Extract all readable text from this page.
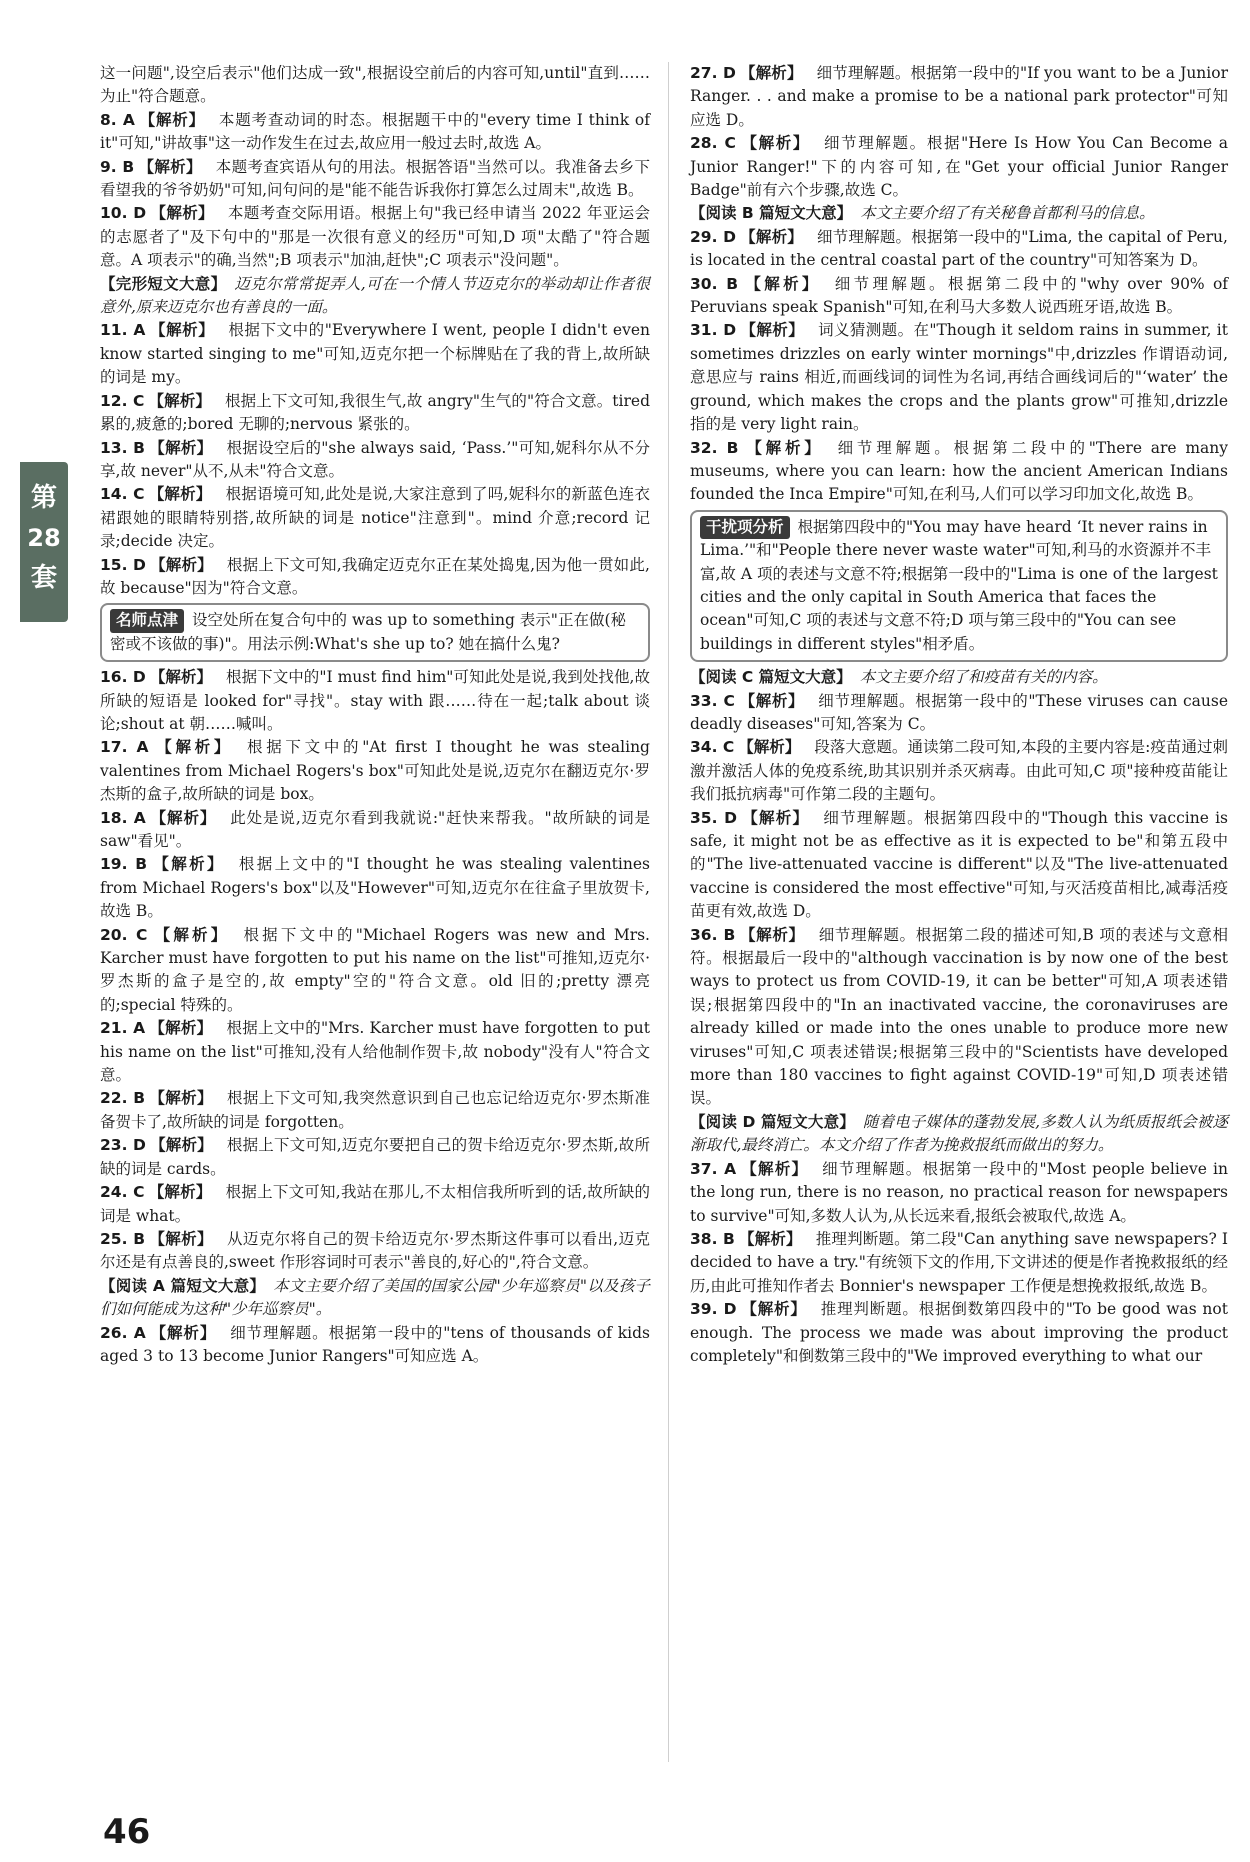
第
28
套

这一问题",设空后表示"他们达成一致",根据设空前后的内容可知,until"直到……为止"符合题意。

8. A 【解析】 本题考查动词的时态。根据题干中的"every time I think of it"可知,"讲故事"这一动作发生在过去,故应用一般过去时,故选 A。

9. B 【解析】 本题考查宾语从句的用法。根据答语"当然可以。我准备去乡下看望我的爷爷奶奶"可知,问句问的是"能不能告诉我你打算怎么过周末",故选 B。

10. D 【解析】 本题考查交际用语。根据上句"我已经申请当 2022 年亚运会的志愿者了"及下句中的"那是一次很有意义的经历"可知,D 项"太酷了"符合题意。A 项表示"的确,当然";B 项表示"加油,赶快";C 项表示"没问题"。

【完形短文大意】 迈克尔常常捉弄人,可在一个情人节迈克尔的举动却让作者很意外,原来迈克尔也有善良的一面。

11. A 【解析】 根据下文中的"Everywhere I went, people I didn't even know started singing to me"可知,迈克尔把一个标牌贴在了我的背上,故所缺的词是 my。

12. C 【解析】 根据上下文可知,我很生气,故 angry"生气的"符合文意。tired 累的,疲惫的;bored 无聊的;nervous 紧张的。

13. B 【解析】 根据设空后的"she always said, ‘Pass.’"可知,妮科尔从不分享,故 never"从不,从未"符合文意。

14. C 【解析】 根据语境可知,此处是说,大家注意到了吗,妮科尔的新蓝色连衣裙跟她的眼睛特别搭,故所缺的词是 notice"注意到"。mind 介意;record 记录;decide 决定。

15. D 【解析】 根据上下文可知,我确定迈克尔正在某处捣鬼,因为他一贯如此,故 because"因为"符合文意。

名师点津 设空处所在复合句中的 was up to something 表示"正在做(秘密或不该做的事)"。用法示例:What's she up to? 她在搞什么鬼?

16. D 【解析】 根据下文中的"I must find him"可知此处是说,我到处找他,故所缺的短语是 looked for"寻找"。stay with 跟……待在一起;talk about 谈论;shout at 朝……喊叫。

17. A 【解析】 根据下文中的"At first I thought he was stealing valentines from Michael Rogers's box"可知此处是说,迈克尔在翻迈克尔·罗杰斯的盒子,故所缺的词是 box。

18. A 【解析】 此处是说,迈克尔看到我就说:"赶快来帮我。"故所缺的词是 saw"看见"。

19. B 【解析】 根据上文中的"I thought he was stealing valentines from Michael Rogers's box"以及"However"可知,迈克尔在往盒子里放贺卡,故选 B。

20. C 【解析】 根据下文中的"Michael Rogers was new and Mrs. Karcher must have forgotten to put his name on the list"可推知,迈克尔·罗杰斯的盒子是空的,故 empty"空的"符合文意。old 旧的;pretty 漂亮的;special 特殊的。

21. A 【解析】 根据上文中的"Mrs. Karcher must have forgotten to put his name on the list"可推知,没有人给他制作贺卡,故 nobody"没有人"符合文意。

22. B 【解析】 根据上下文可知,我突然意识到自己也忘记给迈克尔·罗杰斯准备贺卡了,故所缺的词是 forgotten。

23. D 【解析】 根据上下文可知,迈克尔要把自己的贺卡给迈克尔·罗杰斯,故所缺的词是 cards。

24. C 【解析】 根据上下文可知,我站在那儿,不太相信我所听到的话,故所缺的词是 what。

25. B 【解析】 从迈克尔将自己的贺卡给迈克尔·罗杰斯这件事可以看出,迈克尔还是有点善良的,sweet 作形容词时可表示"善良的,好心的",符合文意。

【阅读 A 篇短文大意】 本文主要介绍了美国的国家公园"少年巡察员"以及孩子们如何能成为这种"少年巡察员"。

26. A 【解析】 细节理解题。根据第一段中的"tens of thousands of kids aged 3 to 13 become Junior Rangers"可知应选 A。

27. D 【解析】 细节理解题。根据第一段中的"If you want to be a Junior Ranger. . . and make a promise to be a national park protector"可知应选 D。

28. C 【解析】 细节理解题。根据"Here Is How You Can Become a Junior Ranger!"下的内容可知,在"Get your official Junior Ranger Badge"前有六个步骤,故选 C。

【阅读 B 篇短文大意】 本文主要介绍了有关秘鲁首都利马的信息。

29. D 【解析】 细节理解题。根据第一段中的"Lima, the capital of Peru, is located in the central coastal part of the country"可知答案为 D。

30. B 【解析】 细节理解题。根据第二段中的"why over 90% of Peruvians speak Spanish"可知,在利马大多数人说西班牙语,故选 B。

31. D 【解析】 词义猜测题。在"Though it seldom rains in summer, it sometimes drizzles on early winter mornings"中,drizzles 作谓语动词,意思应与 rains 相近,而画线词的词性为名词,再结合画线词后的"‘water’ the ground, which makes the crops and the plants grow"可推知,drizzle 指的是 very light rain。

32. B 【解析】 细节理解题。根据第二段中的"There are many museums, where you can learn: how the ancient American Indians founded the Inca Empire"可知,在利马,人们可以学习印加文化,故选 B。

干扰项分析 根据第四段中的"You may have heard ‘It never rains in Lima.’"和"People there never waste water"可知,利马的水资源并不丰富,故 A 项的表述与文意不符;根据第一段中的"Lima is one of the largest cities and the only capital in South America that faces the ocean"可知,C 项的表述与文意不符;D 项与第三段中的"You can see buildings in different styles"相矛盾。

【阅读 C 篇短文大意】 本文主要介绍了和疫苗有关的内容。

33. C 【解析】 细节理解题。根据第一段中的"These viruses can cause deadly diseases"可知,答案为 C。

34. C 【解析】 段落大意题。通读第二段可知,本段的主要内容是:疫苗通过刺激并激活人体的免疫系统,助其识别并杀灭病毒。由此可知,C 项"接种疫苗能让我们抵抗病毒"可作第二段的主题句。

35. D 【解析】 细节理解题。根据第四段中的"Though this vaccine is safe, it might not be as effective as it is expected to be"和第五段中的"The live-attenuated vaccine is different"以及"The live-attenuated vaccine is considered the most effective"可知,与灭活疫苗相比,减毒活疫苗更有效,故选 D。

36. B 【解析】 细节理解题。根据第二段的描述可知,B 项的表述与文意相符。根据最后一段中的"although vaccination is by now one of the best ways to protect us from COVID-19, it can be better"可知,A 项表述错误;根据第四段中的"In an inactivated vaccine, the coronaviruses are already killed or made into the ones unable to produce more new viruses"可知,C 项表述错误;根据第三段中的"Scientists have developed more than 180 vaccines to fight against COVID-19"可知,D 项表述错误。

【阅读 D 篇短文大意】 随着电子媒体的蓬勃发展,多数人认为纸质报纸会被逐渐取代,最终消亡。本文介绍了作者为挽救报纸而做出的努力。

37. A 【解析】 细节理解题。根据第一段中的"Most people believe in the long run, there is no reason, no practical reason for newspapers to survive"可知,多数人认为,从长远来看,报纸会被取代,故选 A。

38. B 【解析】 推理判断题。第二段"Can anything save newspapers? I decided to have a try."有统领下文的作用,下文讲述的便是作者挽救报纸的经历,由此可推知作者去 Bonnier's newspaper 工作便是想挽救报纸,故选 B。

39. D 【解析】 推理判断题。根据倒数第四段中的"To be good was not enough. The process we made was about improving the product completely"和倒数第三段中的"We improved everything to what our

46
